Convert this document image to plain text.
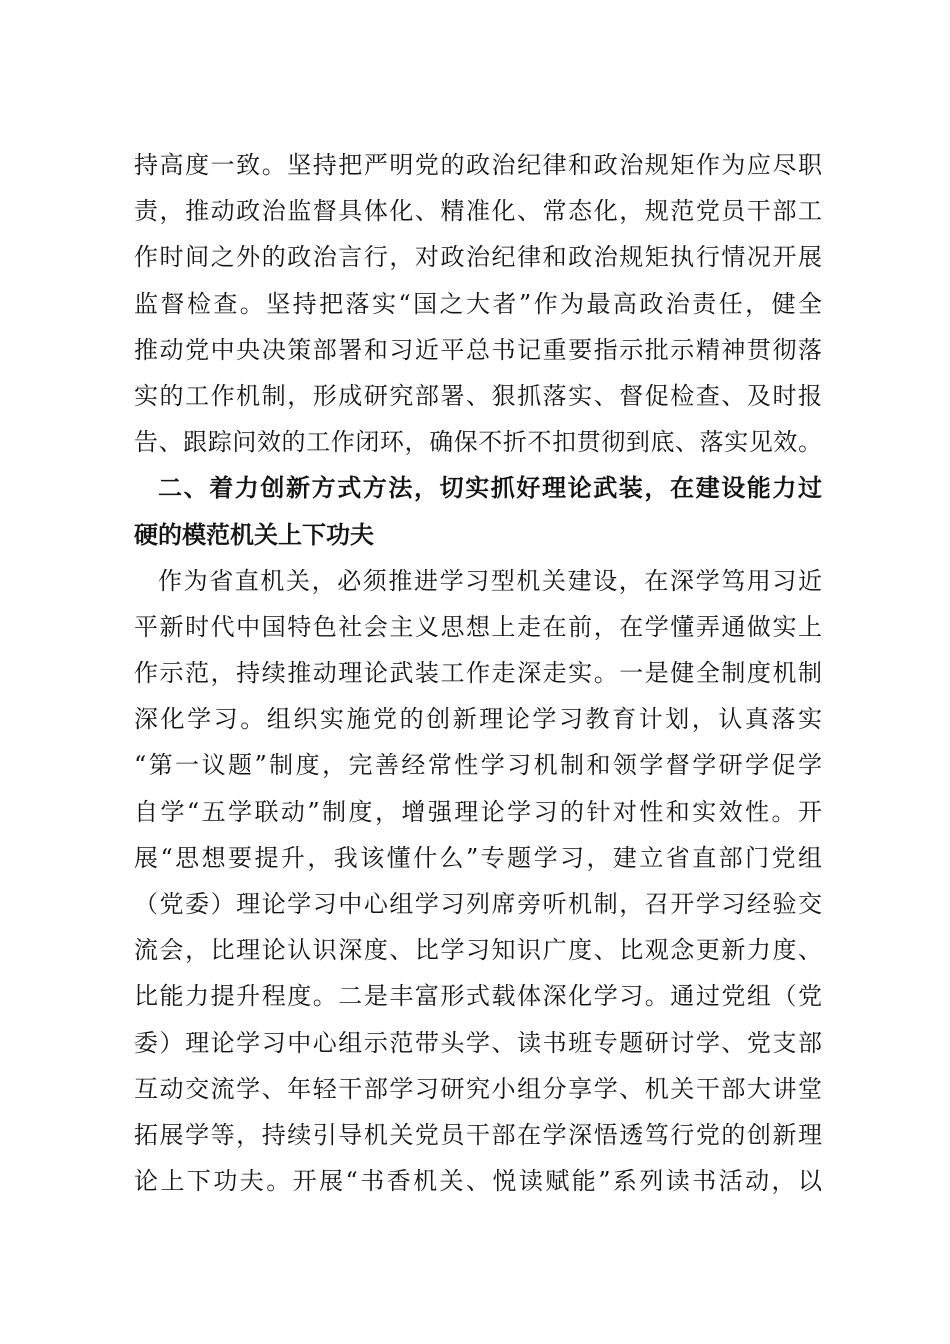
持高度一致。坚持把严明党的政治纪律和政治规矩作为应尽职
责，推动政治监督具体化、精准化、常态化，规范党员干部工
作时间之外的政治言行，对政治纪律和政治规矩执行情况开展
监督检查。坚持把落实“国之大者”作为最高政治责任，健全
推动党中央决策部署和习近平总书记重要指示批示精神贯彻落
实的工作机制，形成研究部署、狠抓落实、督促检查、及时报
告、跟踪问效的工作闭环，确保不折不扣贯彻到底、落实见效。
二、着力创新方式方法，切实抓好理论武装，在建设能力过
硬的模范机关上下功夫
作为省直机关，必须推进学习型机关建设，在深学笃用习近
平新时代中国特色社会主义思想上走在前，在学懂弄通做实上
作示范，持续推动理论武装工作走深走实。一是健全制度机制
深化学习。组织实施党的创新理论学习教育计划，认真落实
“第一议题”制度，完善经常性学习机制和领学督学研学促学
自学“五学联动”制度，增强理论学习的针对性和实效性。开
展“思想要提升，我该懂什么”专题学习，建立省直部门党组
（党委）理论学习中心组学习列席旁听机制，召开学习经验交
流会，比理论认识深度、比学习知识广度、比观念更新力度、
比能力提升程度。二是丰富形式载体深化学习。通过党组（党
委）理论学习中心组示范带头学、读书班专题研讨学、党支部
互动交流学、年轻干部学习研究小组分享学、机关干部大讲堂
拓展学等，持续引导机关党员干部在学深悟透笃行党的创新理
论上下功夫。开展“书香机关、悦读赋能”系列读书活动，以
